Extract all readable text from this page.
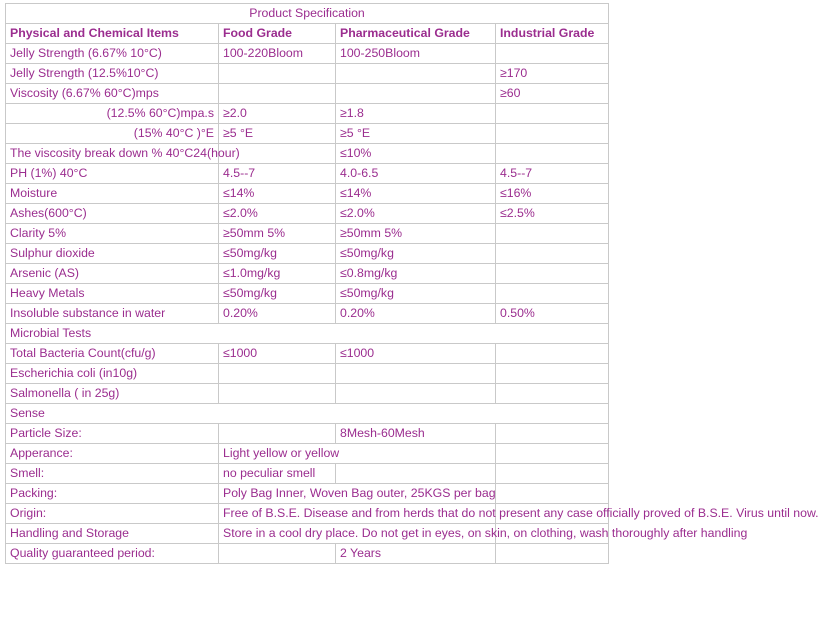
Product Specification			
Physical and Chemical Items	Food Grade	Pharmaceutical Grade	Industrial Grade
Jelly Strength (6.67% 10°C)	100-220Bloom	100-250Bloom	
Jelly Strength (12.5%10°C)			≥170
Viscosity (6.67% 60°C)mps			≥60
(12.5% 60°C)mpa.s	≥2.0	≥1.8	
(15% 40°C )°E	≥5 °E	≥5 °E	
The viscosity break down % 40°C24(hour)		≤10%	
PH (1%) 40°C	4.5--7	4.0-6.5	4.5--7
Moisture	≤14%	≤14%	≤16%
Ashes(600°C)	≤2.0%	≤2.0%	≤2.5%
Clarity 5%	≥50mm 5%	≥50mm 5%	
Sulphur dioxide	≤50mg/kg	≤50mg/kg	
Arsenic (AS)	≤1.0mg/kg	≤0.8mg/kg	
Heavy Metals	≤50mg/kg	≤50mg/kg	
Insoluble substance in water	0.20%	0.20%	0.50%
Microbial Tests			
Total Bacteria Count(cfu/g)	≤1000	≤1000	
Escherichia coli (in10g)			
Salmonella ( in 25g)			
Sense			
Particle Size:		8Mesh-60Mesh	
Apperance:	Light yellow or yellow		
Smell:	no peculiar smell		
Packing:	Poly Bag Inner, Woven Bag outer, 25KGS per bag		
Origin:	Free of B.S.E. Disease and from herds that do not present any case officially proved of B.S.E. Virus until now.		
Handling and Storage	Store in a cool dry place. Do not get in eyes, on skin, on clothing, wash thoroughly after handling		
Quality guaranteed period:		2 Years	
